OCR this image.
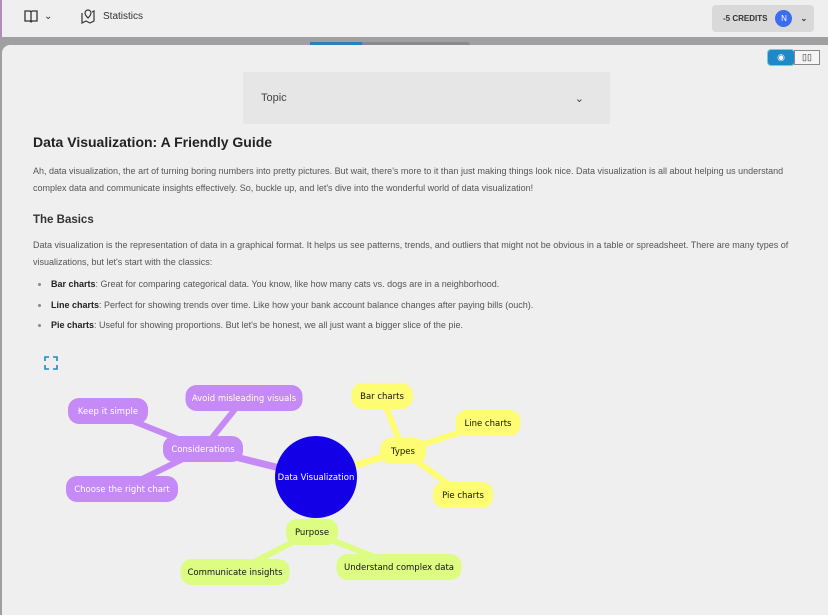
⌄	Statistics	-5 CREDITS	N	⌄
◉ ▯▯
Topic	⌄
Data Visualization: A Friendly Guide
Ah, data visualization, the art of turning boring numbers into pretty pictures. But wait, there's more to it than just making things look nice. Data visualization is all about helping us understand complex data and communicate insights effectively. So, buckle up, and let's dive into the wonderful world of data visualization!
The Basics
Data visualization is the representation of data in a graphical format. It helps us see patterns, trends, and outliers that might not be obvious in a table or spreadsheet. There are many types of visualizations, but let's start with the classics:
Bar charts: Great for comparing categorical data. You know, like how many cats vs. dogs are in a neighborhood.
Line charts: Perfect for showing trends over time. Like how your bank account balance changes after paying bills (ouch).
Pie charts: Useful for showing proportions. But let's be honest, we all just want a bigger slice of the pie.
Data Visualization
Considerations
Keep it simple
Avoid misleading visuals
Choose the right chart
Types
Bar charts
Line charts
Pie charts
Purpose
Communicate insights	Understand complex data
